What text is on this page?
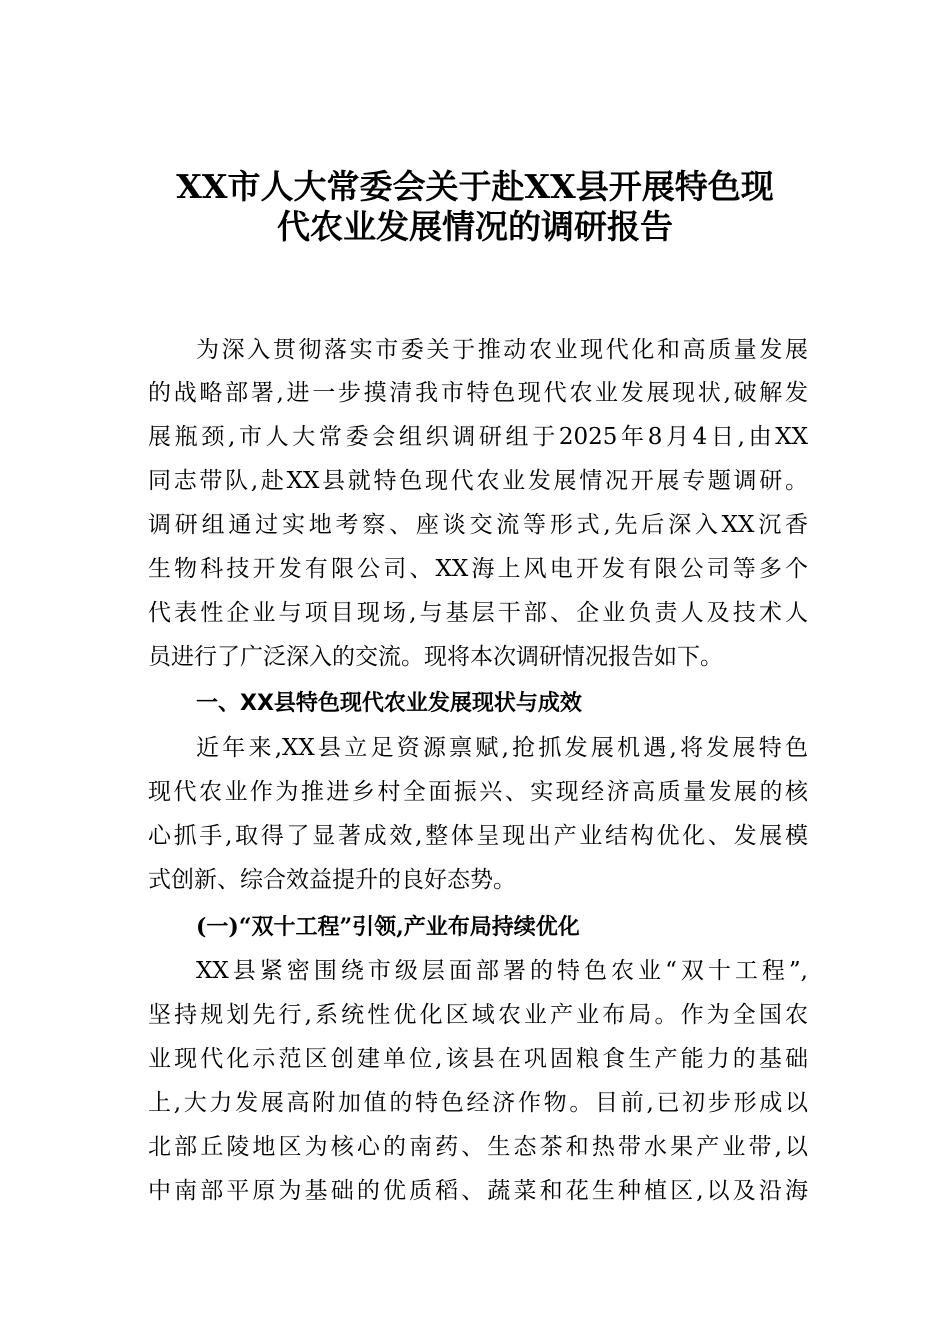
XX市人大常委会关于赴XX县开展特色现
代农业发展情况的调研报告

为深入贯彻落实市委关于推动农业现代化和高质量发展

的战略部署,进一步摸清我市特色现代农业发展现状,破解发

展瓶颈,市人大常委会组织调研组于2025年8月4日,由XX

同志带队,赴XX县就特色现代农业发展情况开展专题调研。

调研组通过实地考察、座谈交流等形式,先后深入XX沉香

生物科技开发有限公司、XX海上风电开发有限公司等多个

代表性企业与项目现场,与基层干部、企业负责人及技术人

员进行了广泛深入的交流。现将本次调研情况报告如下。

一、XX县特色现代农业发展现状与成效

近年来,XX县立足资源禀赋,抢抓发展机遇,将发展特色

现代农业作为推进乡村全面振兴、实现经济高质量发展的核

心抓手,取得了显著成效,整体呈现出产业结构优化、发展模

式创新、综合效益提升的良好态势。

(一)“双十工程”引领,产业布局持续优化

XX县紧密围绕市级层面部署的特色农业“双十工程”,

坚持规划先行,系统性优化区域农业产业布局。作为全国农

业现代化示范区创建单位,该县在巩固粮食生产能力的基础

上,大力发展高附加值的特色经济作物。目前,已初步形成以

北部丘陵地区为核心的南药、生态茶和热带水果产业带,以

中南部平原为基础的优质稻、蔬菜和花生种植区,以及沿海
